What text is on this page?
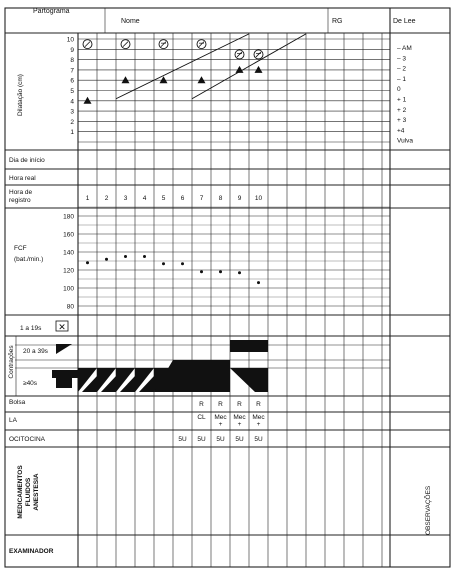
Partograma
Nome	RG	De Lee
Dilatação (cm)
Dia de início
Hora real
Hora de registro
FCF
(bat./min.)
Contrações
1 a 19s
20 a 39s
≥40s
Bolsa
LA
OCITOCINA
EXAMINADOR
OBSERVAÇÕES
MEDICAMENTOS FLUIDOS ANESTESIA
10
9
8
7
6
5
4
3
2
1
– AM
– 3
– 2
– 1
0
+ 1
+ 2
+ 3
+4
Vulva
1 2 3 4 5 6 7 8 9 10
180
160
140
120
100
80
R R R R
CL Mec +
Mec +
Mec +
5U 5U 5U 5U 5U
✕
